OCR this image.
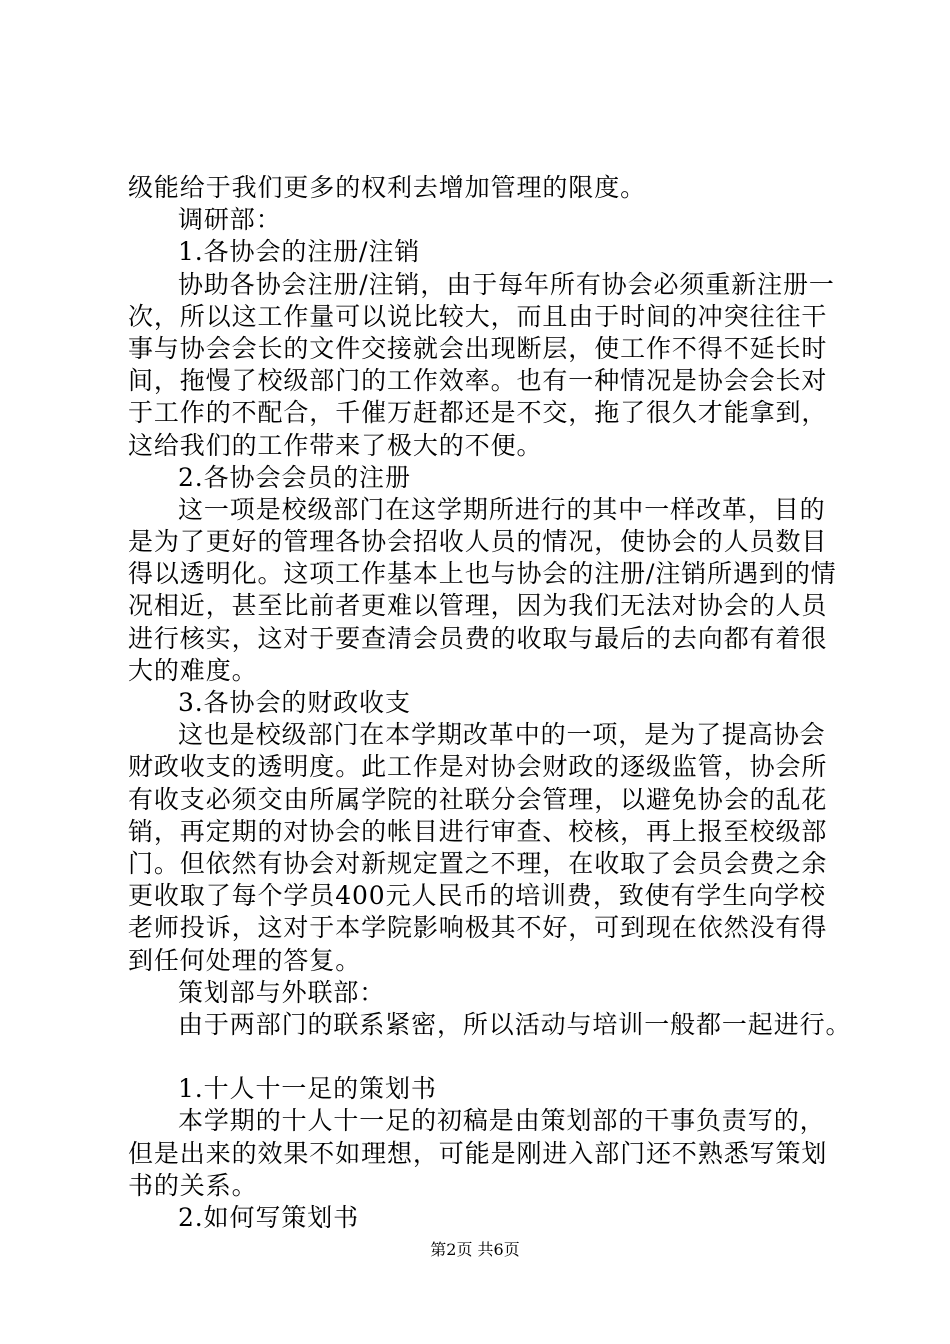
级能给于我们更多的权利去增加管理的限度。
调研部：
1.各协会的注册/注销
协助各协会注册/注销，由于每年所有协会必须重新注册一
次，所以这工作量可以说比较大，而且由于时间的冲突往往干
事与协会会长的文件交接就会出现断层，使工作不得不延长时
间，拖慢了校级部门的工作效率。也有一种情况是协会会长对
于工作的不配合，千催万赶都还是不交，拖了很久才能拿到，
这给我们的工作带来了极大的不便。
2.各协会会员的注册
这一项是校级部门在这学期所进行的其中一样改革，目的
是为了更好的管理各协会招收人员的情况，使协会的人员数目
得以透明化。这项工作基本上也与协会的注册/注销所遇到的情
况相近，甚至比前者更难以管理，因为我们无法对协会的人员
进行核实，这对于要查清会员费的收取与最后的去向都有着很
大的难度。
3.各协会的财政收支
这也是校级部门在本学期改革中的一项，是为了提高协会
财政收支的透明度。此工作是对协会财政的逐级监管，协会所
有收支必须交由所属学院的社联分会管理，以避免协会的乱花
销，再定期的对协会的帐目进行审查、校核，再上报至校级部
门。但依然有协会对新规定置之不理，在收取了会员会费之余
更收取了每个学员400元人民币的培训费，致使有学生向学校
老师投诉，这对于本学院影响极其不好，可到现在依然没有得
到任何处理的答复。
策划部与外联部：
由于两部门的联系紧密，所以活动与培训一般都一起进行。
1.十人十一足的策划书
本学期的十人十一足的初稿是由策划部的干事负责写的，
但是出来的效果不如理想，可能是刚进入部门还不熟悉写策划
书的关系。
2.如何写策划书
第2页 共6页
